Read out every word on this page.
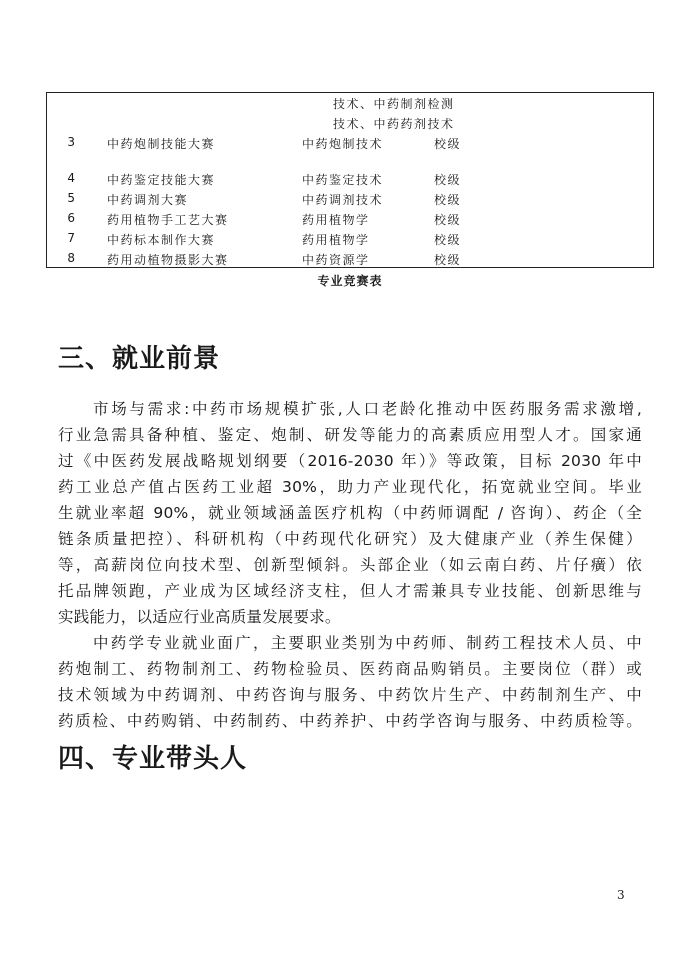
技术、中药制剂检测
技术、中药药剂技术
3	中药炮制技能大赛	中药炮制技术	校级
4	中药鉴定技能大赛	中药鉴定技术	校级
5	中药调剂大赛	中药调剂技术	校级
6	药用植物手工艺大赛	药用植物学	校级
7	中药标本制作大赛	药用植物学	校级
8	药用动植物摄影大赛	中药资源学	校级
专业竞赛表
三、就业前景
市场与需求:中药市场规模扩张,人口老龄化推动中医药服务需求激增,
行业急需具备种植、鉴定、炮制、研发等能力的高素质应用型人才。国家通
过《中医药发展战略规划纲要（2016-2030 年）》等政策，目标 2030 年中
药工业总产值占医药工业超 30%，助力产业现代化，拓宽就业空间。毕业
生就业率超 90%，就业领域涵盖医疗机构（中药师调配 / 咨询）、药企（全
链条质量把控）、科研机构（中药现代化研究）及大健康产业（养生保健）
等，高薪岗位向技术型、创新型倾斜。头部企业（如云南白药、片仔癀）依
托品牌领跑，产业成为区域经济支柱，但人才需兼具专业技能、创新思维与
实践能力，以适应行业高质量发展要求。
中药学专业就业面广，主要职业类别为中药师、制药工程技术人员、中
药炮制工、药物制剂工、药物检验员、医药商品购销员。主要岗位（群）或
技术领域为中药调剂、中药咨询与服务、中药饮片生产、中药制剂生产、中
药质检、中药购销、中药制药、中药养护、中药学咨询与服务、中药质检等。
四、专业带头人
3
